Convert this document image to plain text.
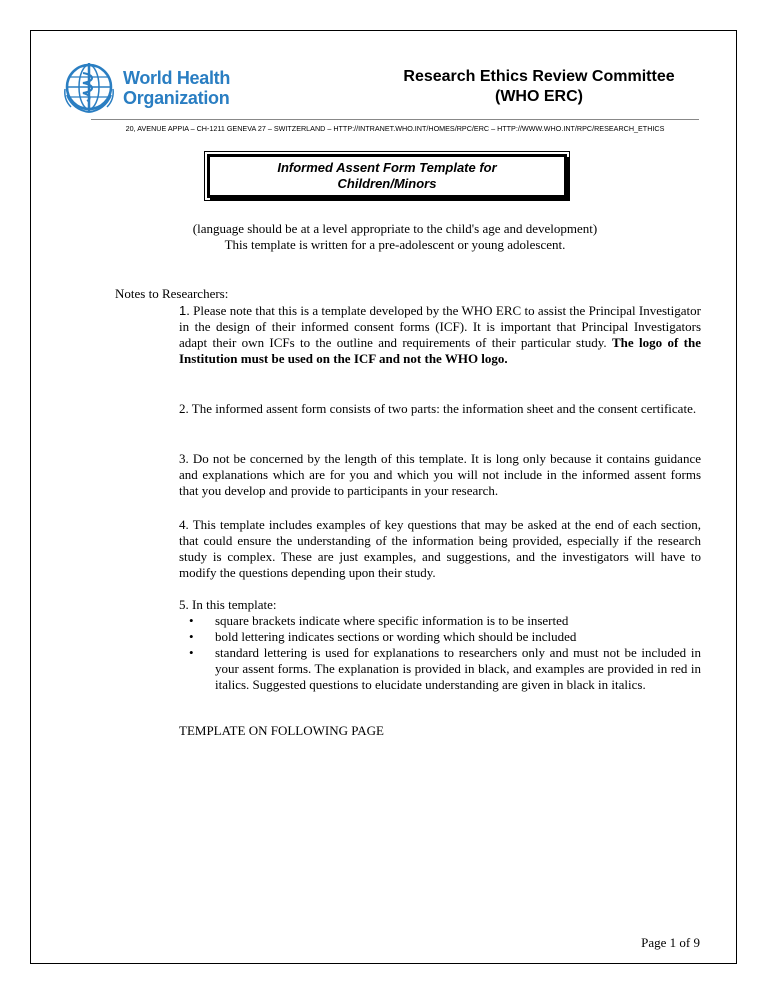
World Health
Organization
Research Ethics Review Committee
(WHO ERC)
20, AVENUE APPIA – CH-1211 GENEVA 27 – SWITZERLAND – HTTP://INTRANET.WHO.INT/HOMES/RPC/ERC – HTTP://WWW.WHO.INT/RPC/RESEARCH_ETHICS
Informed Assent Form Template for
Children/Minors
(language should be at a level appropriate to the child's age and development)
This template is written for a pre-adolescent or young adolescent.
Notes to Researchers:
1. Please note that this is a template developed by the WHO ERC to assist the Principal Investigator in the design of their informed consent forms (ICF). It is important that Principal Investigators adapt their own ICFs to the outline and requirements of their particular study. The logo of the Institution must be used on the ICF and not the WHO logo.
2. The informed assent form consists of two parts: the information sheet and the consent certificate.
3. Do not be concerned by the length of this template. It is long only because it contains guidance and explanations which are for you and which you will not include in the informed assent forms that you develop and provide to participants in your research.
4. This template includes examples of key questions that may be asked at the end of each section, that could ensure the understanding of the information being provided, especially if the research study is complex. These are just examples, and suggestions, and the investigators will have to modify the questions depending upon their study.
5. In this template:
• square brackets indicate where specific information is to be inserted
• bold lettering indicates sections or wording which should be included
• standard lettering is used for explanations to researchers only and must not be included in your assent forms. The explanation is provided in black, and examples are provided in red in italics. Suggested questions to elucidate understanding are given in black in italics.
TEMPLATE ON FOLLOWING PAGE
Page 1 of 9
